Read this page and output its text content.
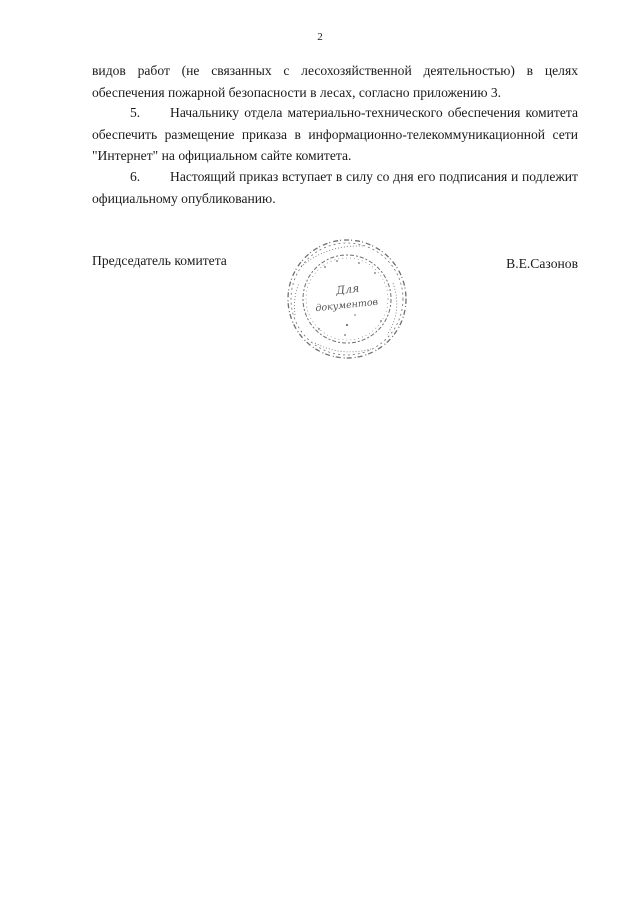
2
видов работ (не связанных с лесохозяйственной деятельностью) в целях обеспечения пожарной безопасности в лесах, согласно приложению 3.
5. Начальнику отдела материально-технического обеспечения комитета обеспечить размещение приказа в информационно-телекоммуникационной сети "Интернет" на официальном сайте комитета.
6. Настоящий приказ вступает в силу со дня его подписания и подлежит официальному опубликованию.
Председатель комитета	В.Е.Сазонов
Для
документов
